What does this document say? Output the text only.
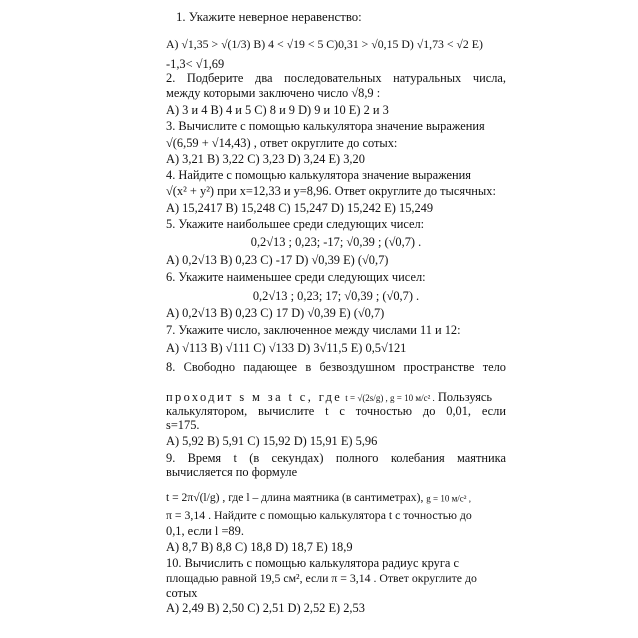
1. Укажите неверное неравенство:
A) √1,35 > √(1/3) B) 4 < √19 < 5 C)0,31 > √0,15 D) √1,73 < √2 E)
-1,3< √1,69
2. Подберите два последовательных натуральных числа,
между которыми заключено число √8,9 :
A) 3 и 4 B) 4 и 5 C) 8 и 9 D) 9 и 10 E) 2 и 3
3. Вычислите с помощью калькулятора значение выражения
√(6,59 + √14,43) , ответ округлите до сотых:
A) 3,21 B) 3,22 C) 3,23 D) 3,24 E) 3,20
4. Найдите с помощью калькулятора значение выражения
√(x² + y²) при x=12,33 и y=8,96. Ответ округлите до тысячных:
A) 15,2417 B) 15,248 C) 15,247 D) 15,242 E) 15,249
5. Укажите наибольшее среди следующих чисел:
0,2√13 ; 0,23; -17; √0,39 ; (√0,7) .
A) 0,2√13 B) 0,23 C) -17 D) √0,39 E) (√0,7)
6. Укажите наименьшее среди следующих чисел:
0,2√13 ; 0,23; 17; √0,39 ; (√0,7) .
A) 0,2√13 B) 0,23 C) 17 D) √0,39 E) (√0,7)
7. Укажите число, заключенное между числами 11 и 12:
A) √113 B) √111 C) √133 D) 3√11,5 E) 0,5√121
8. Свободно падающее в безвоздушном пространстве тело
проходит s м за t с, где t = √(2s/g) , g = 10 м/с² . Пользуясь
калькулятором, вычислите t с точностью до 0,01, если
s=175.
A) 5,92 B) 5,91 C) 15,92 D) 15,91 E) 5,96
9. Время t (в секундах) полного колебания маятника
вычисляется по формуле
t = 2π√(l/g) , где l – длина маятника (в сантиметрах), g = 10 м/с² ,
π = 3,14 . Найдите с помощью калькулятора t с точностью до
0,1, если l =89.
A) 8,7 B) 8,8 C) 18,8 D) 18,7 E) 18,9
10. Вычислить с помощью калькулятора радиус круга с
площадью равной 19,5 см², если π = 3,14 . Ответ округлите до
сотых
A) 2,49 B) 2,50 C) 2,51 D) 2,52 E) 2,53
